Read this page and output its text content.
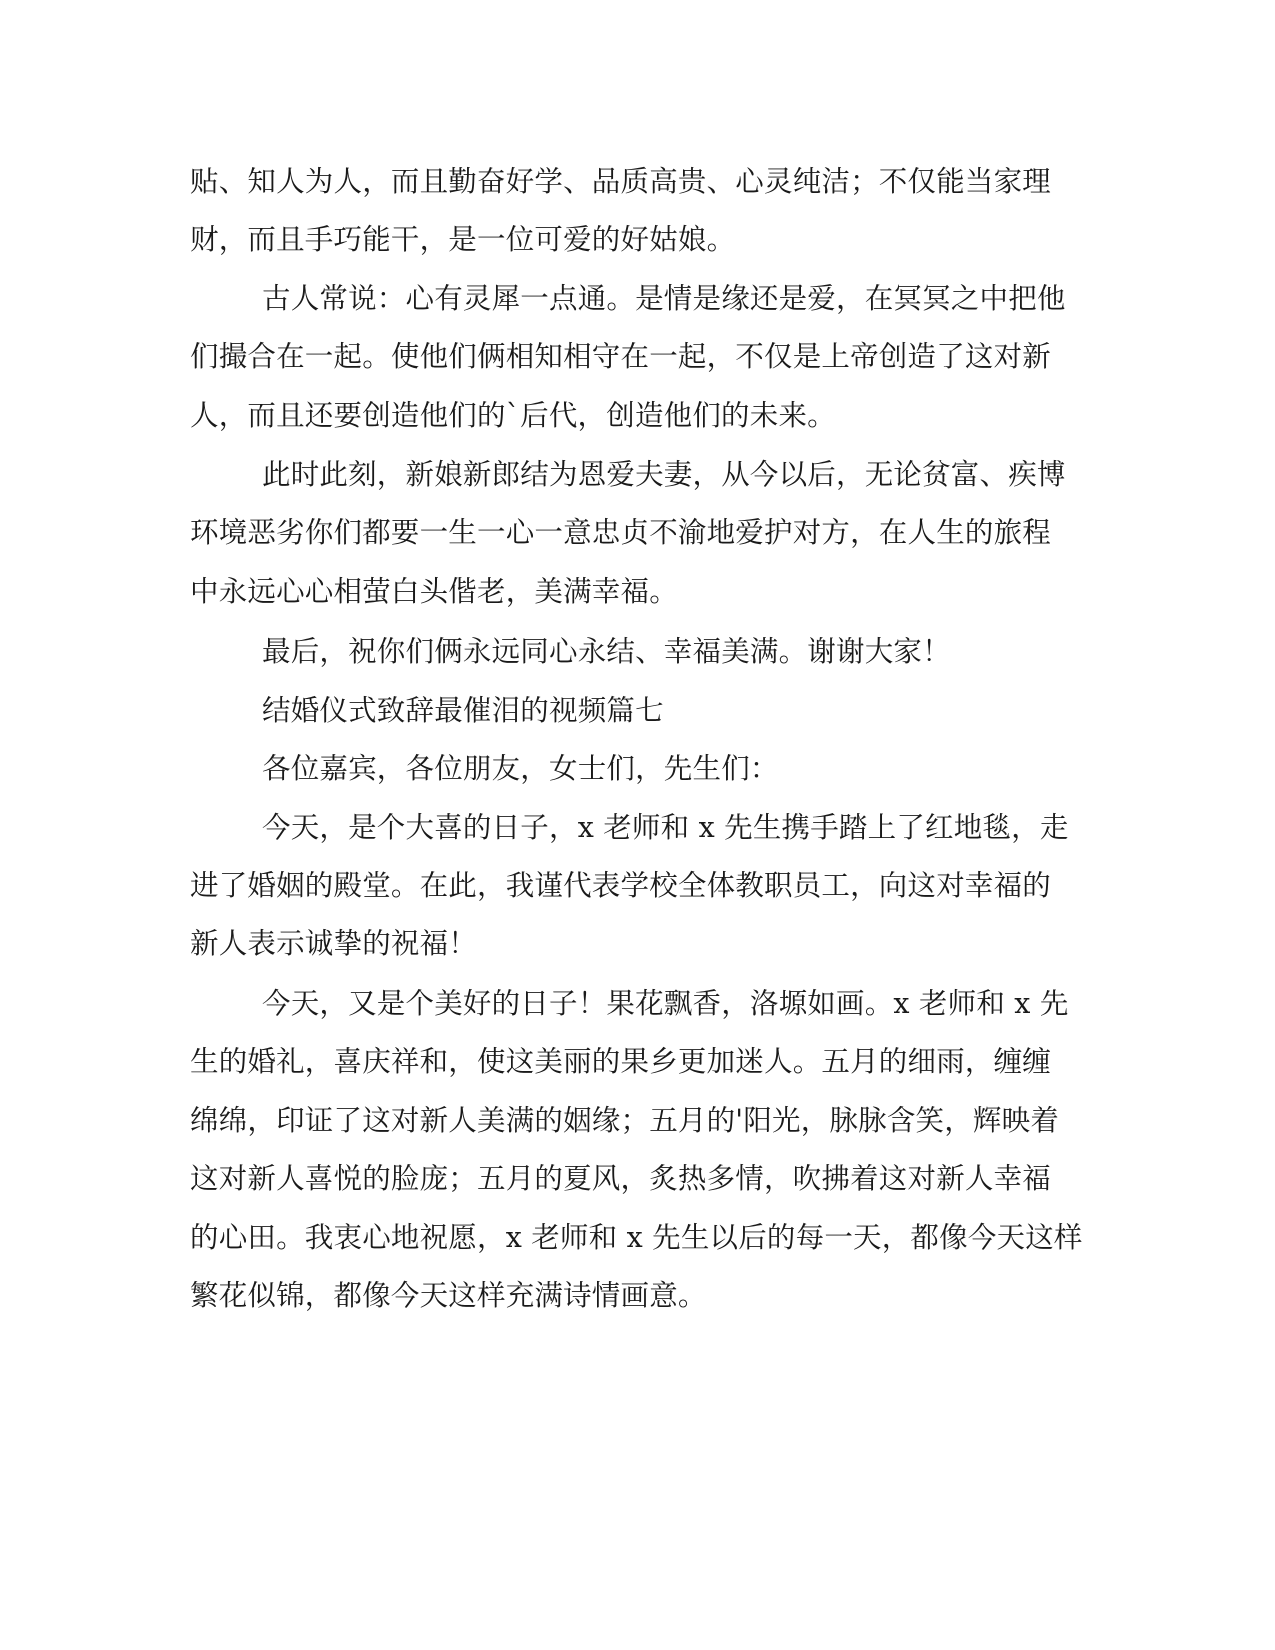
贴、知人为人，而且勤奋好学、品质高贵、心灵纯洁；不仅能当家理

财，而且手巧能干，是一位可爱的好姑娘。

古人常说：心有灵犀一点通。是情是缘还是爱，在冥冥之中把他

们撮合在一起。使他们俩相知相守在一起，不仅是上帝创造了这对新

人，而且还要创造他们的`后代，创造他们的未来。

此时此刻，新娘新郎结为恩爱夫妻，从今以后，无论贫富、疾博

环境恶劣你们都要一生一心一意忠贞不渝地爱护对方，在人生的旅程

中永远心心相萤白头偕老，美满幸福。

最后，祝你们俩永远同心永结、幸福美满。谢谢大家！

结婚仪式致辞最催泪的视频篇七

各位嘉宾，各位朋友，女士们，先生们：

今天，是个大喜的日子，x 老师和 x 先生携手踏上了红地毯，走

进了婚姻的殿堂。在此，我谨代表学校全体教职员工，向这对幸福的

新人表示诚挚的祝福！

今天，又是个美好的日子！果花飘香，洛塬如画。x 老师和 x 先

生的婚礼，喜庆祥和，使这美丽的果乡更加迷人。五月的细雨，缠缠

绵绵，印证了这对新人美满的姻缘；五月的'阳光，脉脉含笑，辉映着

这对新人喜悦的脸庞；五月的夏风，炙热多情，吹拂着这对新人幸福

的心田。我衷心地祝愿，x 老师和 x 先生以后的每一天，都像今天这样

繁花似锦，都像今天这样充满诗情画意。
